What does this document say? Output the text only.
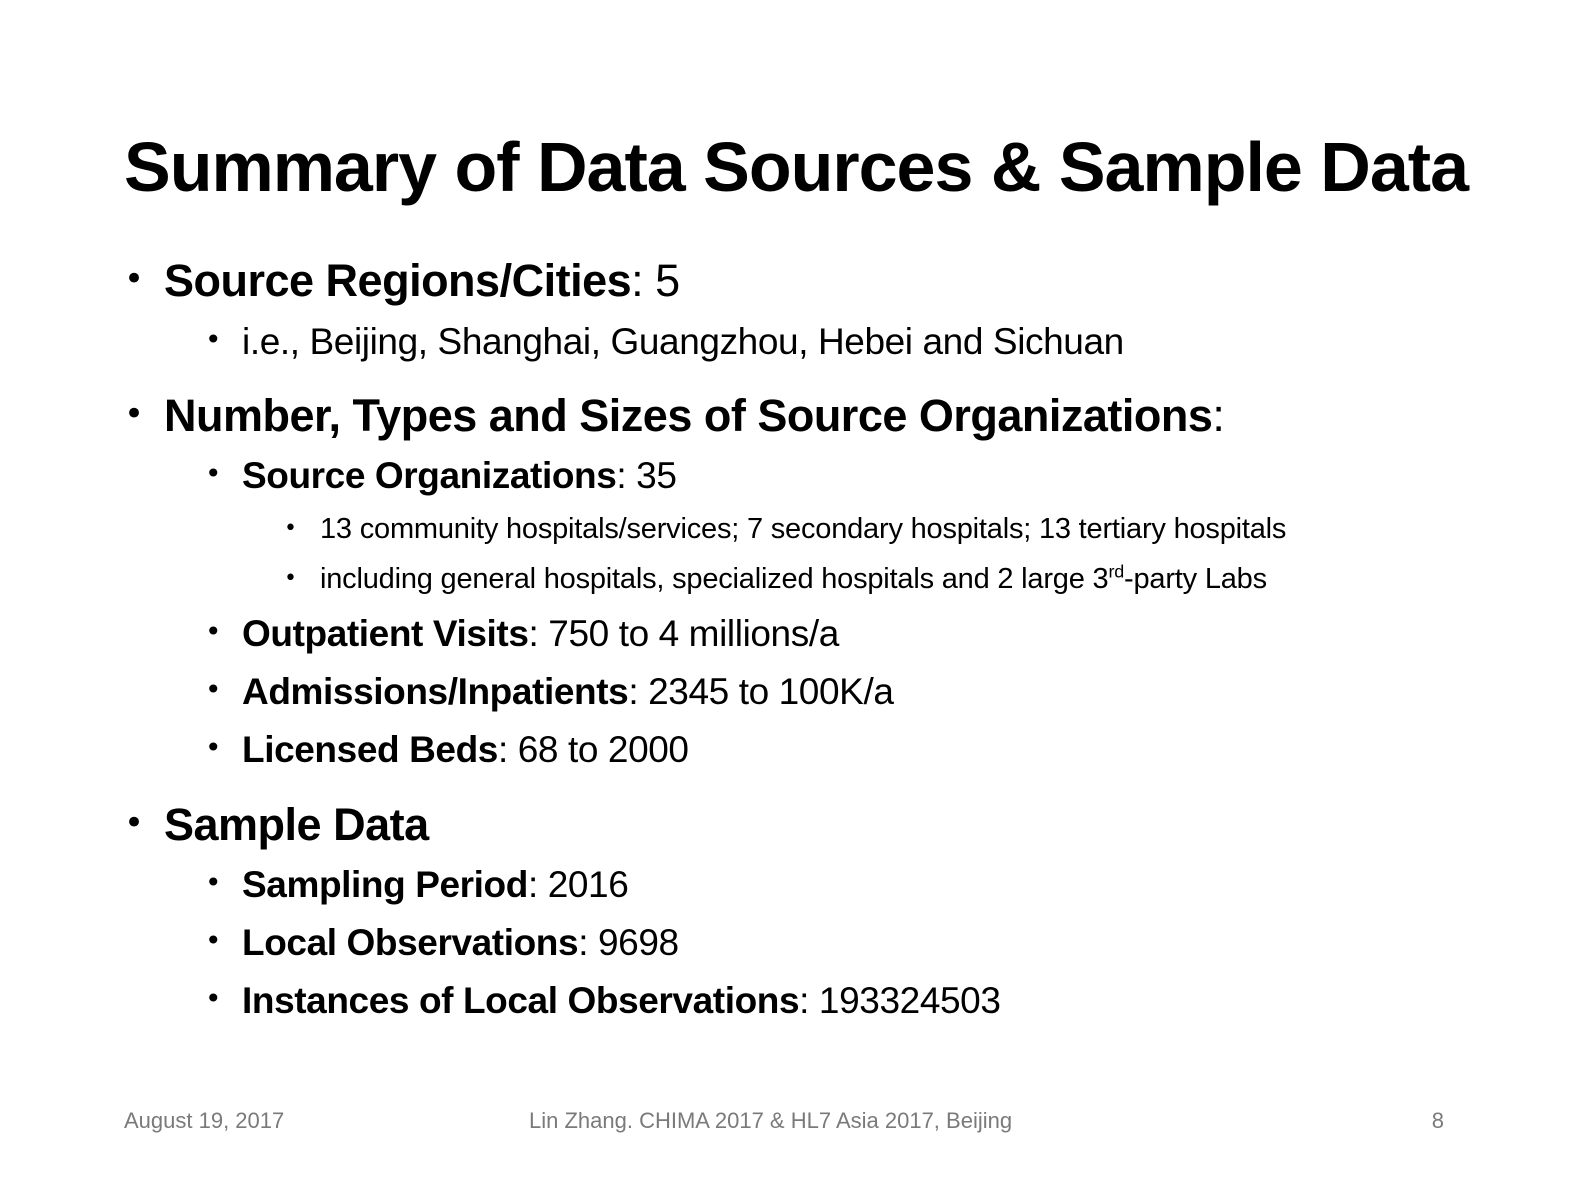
Summary of Data Sources & Sample Data
• Source Regions/Cities: 5
• i.e., Beijing, Shanghai, Guangzhou, Hebei and Sichuan
• Number, Types and Sizes of Source Organizations:
• Source Organizations: 35
• 13 community hospitals/services; 7 secondary hospitals; 13 tertiary hospitals
• including general hospitals, specialized hospitals and 2 large 3rd-party Labs
• Outpatient Visits: 750 to 4 millions/a
• Admissions/Inpatients: 2345 to 100K/a
• Licensed Beds: 68 to 2000
• Sample Data
• Sampling Period: 2016
• Local Observations: 9698
• Instances of Local Observations: 193324503
August 19, 2017	Lin Zhang. CHIMA 2017 & HL7 Asia 2017, Beijing	8
